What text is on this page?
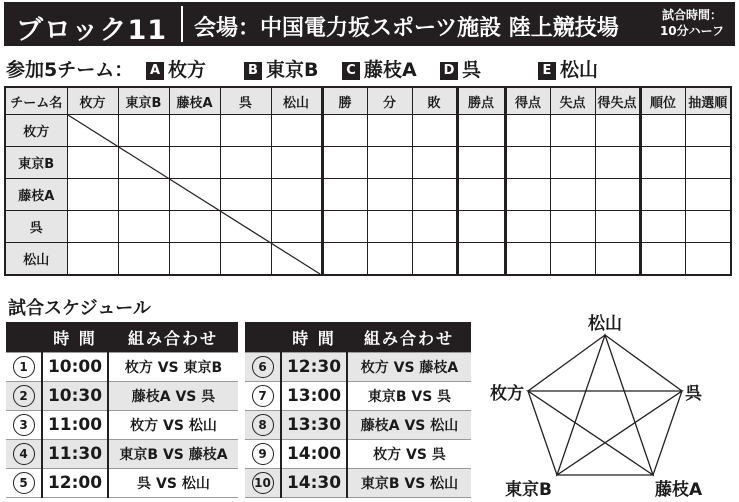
ブロック11 会場：中国電力坂スポーツ施設 陸上競技場
試合時間：
10分ハーフ
参加5チーム：	A 枚方	B 東京B	C 藤枝A D 呉	E 松山
チーム名	枚方	東京B	藤枝A	呉	松山	勝	分	敗	勝点	得点	失点	得失点	順位	抽選順
枚方														
東京B														
藤枝A														
呉														
松山														
試合スケジュール
	時 間	組み合わせ
1	10:00	枚方 VS 東京B
2	10:30	藤枝A VS 呉
3	11:00	枚方 VS 松山
4	11:30	東京B VS 藤枝A
5	12:00	呉 VS 松山
	時 間	組み合わせ
6	12:30	枚方 VS 藤枝A
7	13:00	東京B VS 呉
8	13:30	藤枝A VS 松山
9	14:00	枚方 VS 呉
10	14:30	東京B VS 松山
松山
枚方	呉
東京B	藤枝A
